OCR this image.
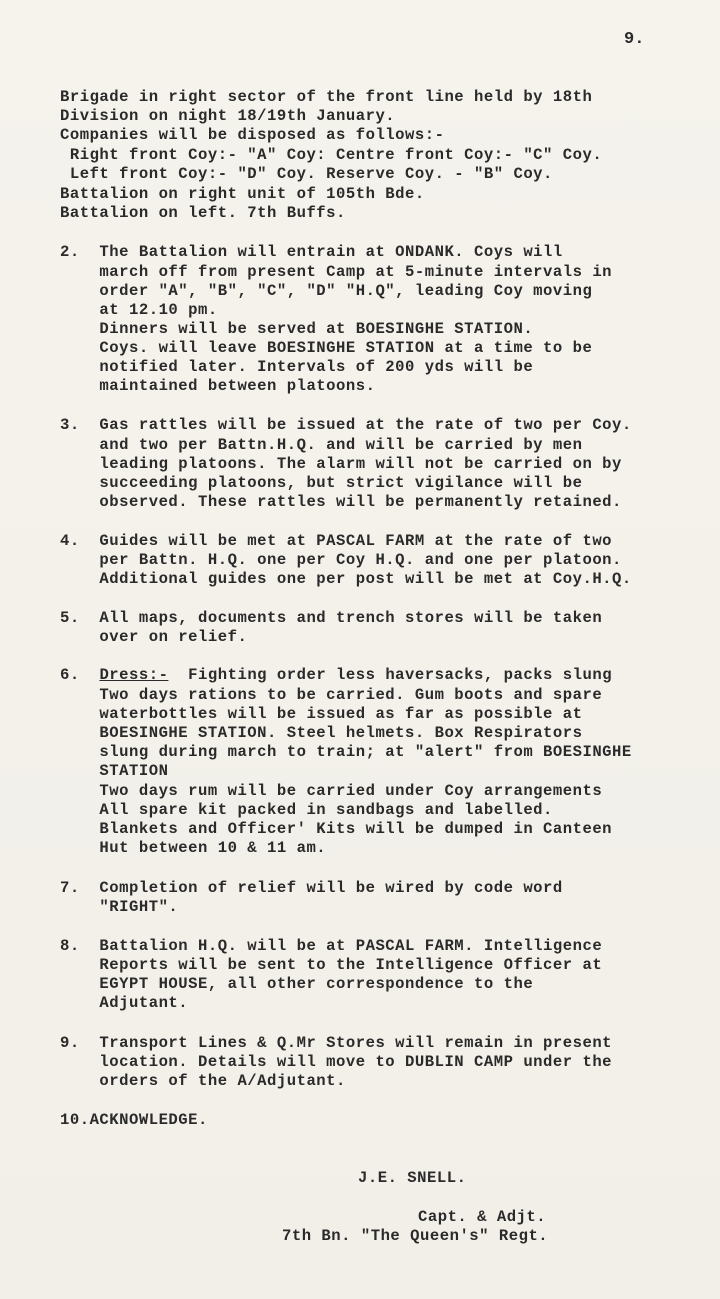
9.
Brigade in right sector of the front line held by 18th
Division on night 18/19th January.
Companies will be disposed as follows:-
Right front Coy:- "A" Coy: Centre front Coy:- "C" Coy.
Left front Coy:- "D" Coy. Reserve Coy. - "B" Coy.
Battalion on right unit of 105th Bde.
Battalion on left. 7th Buffs.
2.  The Battalion will entrain at ONDANK. Coys will
march off from present Camp at 5-minute intervals in
order "A", "B", "C", "D" "H.Q", leading Coy moving
at 12.10 pm.
Dinners will be served at BOESINGHE STATION.
Coys. will leave BOESINGHE STATION at a time to be
notified later. Intervals of 200 yds will be
maintained between platoons.
3.  Gas rattles will be issued at the rate of two per Coy.
and two per Battn.H.Q. and will be carried by men
leading platoons. The alarm will not be carried on by
succeeding platoons, but strict vigilance will be
observed. These rattles will be permanently retained.
4.  Guides will be met at PASCAL FARM at the rate of two
per Battn. H.Q. one per Coy H.Q. and one per platoon.
Additional guides one per post will be met at Coy.H.Q.
5.  All maps, documents and trench stores will be taken
over on relief.
6.  Dress:-  Fighting order less haversacks, packs slung
Two days rations to be carried. Gum boots and spare
waterbottles will be issued as far as possible at
BOESINGHE STATION. Steel helmets. Box Respirators
slung during march to train; at "alert" from BOESINGHE
STATION
Two days rum will be carried under Coy arrangements
All spare kit packed in sandbags and labelled.
Blankets and Officer' Kits will be dumped in Canteen
Hut between 10 & 11 am.
7.  Completion of relief will be wired by code word
"RIGHT".
8.  Battalion H.Q. will be at PASCAL FARM. Intelligence
Reports will be sent to the Intelligence Officer at
EGYPT HOUSE, all other correspondence to the
Adjutant.
9.  Transport Lines & Q.Mr Stores will remain in present
location. Details will move to DUBLIN CAMP under the
orders of the A/Adjutant.
10.ACKNOWLEDGE.
J.E. SNELL.
Capt. & Adjt.
7th Bn. "The Queen's" Regt.
